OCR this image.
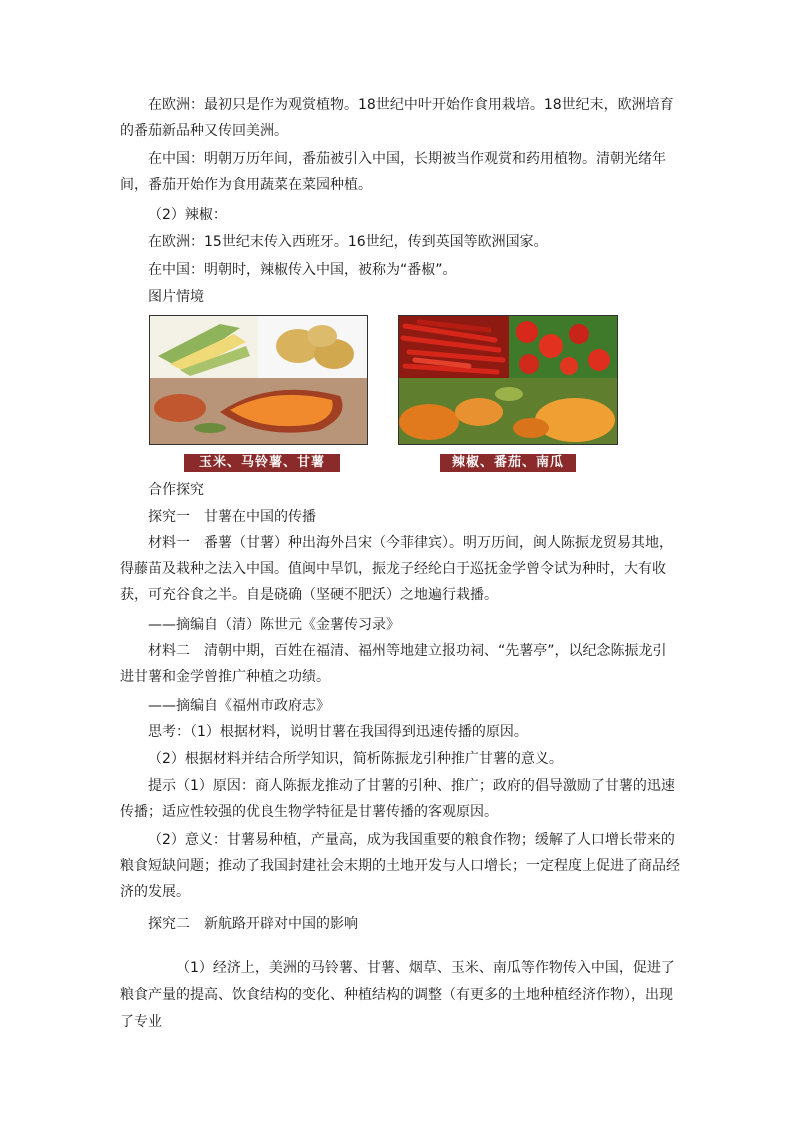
在欧洲：最初只是作为观赏植物。18世纪中叶开始作食用栽培。18世纪末，欧洲培育的番茄新品种又传回美洲。

在中国：明朝万历年间，番茄被引入中国，长期被当作观赏和药用植物。清朝光绪年间，番茄开始作为食用蔬菜在菜园种植。

（2）辣椒：

在欧洲：15世纪末传入西班牙。16世纪，传到英国等欧洲国家。

在中国：明朝时，辣椒传入中国，被称为“番椒”。

图片情境

玉米、马铃薯、甘薯	辣椒、番茄、南瓜

合作探究

探究一　甘薯在中国的传播

材料一　番薯（甘薯）种出海外吕宋（今菲律宾）。明万历间，闽人陈振龙贸易其地，得藤苗及栽种之法入中国。值闽中旱饥，振龙子经纶白于巡抚金学曾令试为种时，大有收获，可充谷食之半。自是硗确（坚硬不肥沃）之地遍行栽播。

——摘编自（清）陈世元《金薯传习录》

材料二　清朝中期，百姓在福清、福州等地建立报功祠、“先薯亭”，以纪念陈振龙引进甘薯和金学曾推广种植之功绩。

——摘编自《福州市政府志》

思考：（1）根据材料，说明甘薯在我国得到迅速传播的原因。

（2）根据材料并结合所学知识，简析陈振龙引种推广甘薯的意义。

提示（1）原因：商人陈振龙推动了甘薯的引种、推广；政府的倡导激励了甘薯的迅速传播；适应性较强的优良生物学特征是甘薯传播的客观原因。

（2）意义：甘薯易种植，产量高，成为我国重要的粮食作物；缓解了人口增长带来的粮食短缺问题；推动了我国封建社会末期的土地开发与人口增长；一定程度上促进了商品经济的发展。

探究二　新航路开辟对中国的影响

（1）经济上，美洲的马铃薯、甘薯、烟草、玉米、南瓜等作物传入中国，促进了粮食产量的提高、饮食结构的变化、种植结构的调整（有更多的土地种植经济作物），出现了专业
